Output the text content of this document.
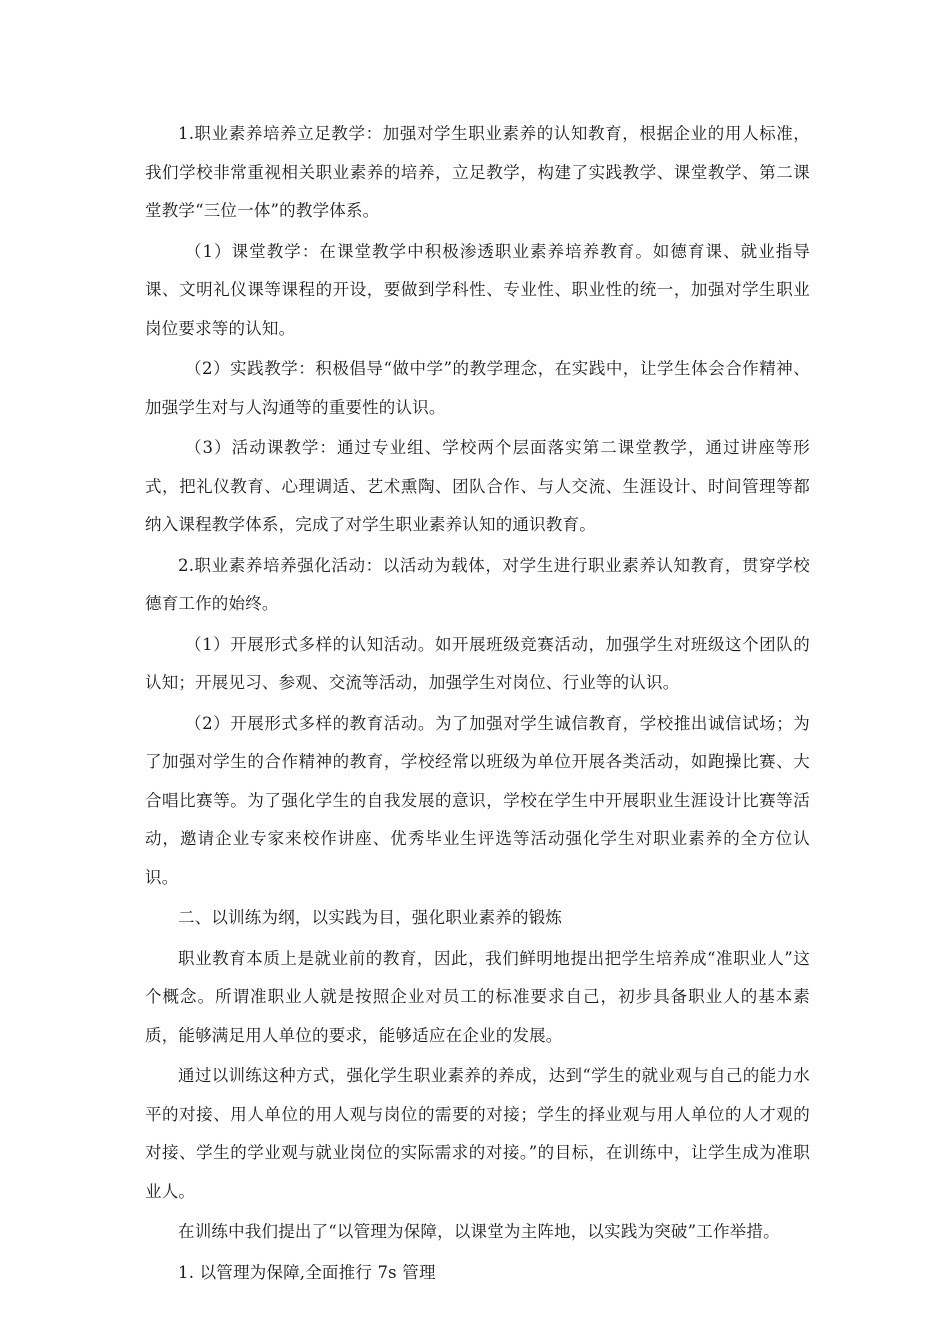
1.职业素养培养立足教学：加强对学生职业素养的认知教育，根据企业的用人标准，我们学校非常重视相关职业素养的培养，立足教学，构建了实践教学、课堂教学、第二课堂教学“三位一体”的教学体系。

（1）课堂教学：在课堂教学中积极渗透职业素养培养教育。如德育课、就业指导课、文明礼仪课等课程的开设，要做到学科性、专业性、职业性的统一，加强对学生职业岗位要求等的认知。

（2）实践教学：积极倡导“做中学”的教学理念，在实践中，让学生体会合作精神、加强学生对与人沟通等的重要性的认识。

（3）活动课教学：通过专业组、学校两个层面落实第二课堂教学，通过讲座等形式，把礼仪教育、心理调适、艺术熏陶、团队合作、与人交流、生涯设计、时间管理等都纳入课程教学体系，完成了对学生职业素养认知的通识教育。

2.职业素养培养强化活动：以活动为载体，对学生进行职业素养认知教育，贯穿学校德育工作的始终。

（1）开展形式多样的认知活动。如开展班级竞赛活动，加强学生对班级这个团队的认知；开展见习、参观、交流等活动，加强学生对岗位、行业等的认识。

（2）开展形式多样的教育活动。为了加强对学生诚信教育，学校推出诚信试场；为了加强对学生的合作精神的教育，学校经常以班级为单位开展各类活动，如跑操比赛、大合唱比赛等。为了强化学生的自我发展的意识，学校在学生中开展职业生涯设计比赛等活动，邀请企业专家来校作讲座、优秀毕业生评选等活动强化学生对职业素养的全方位认识。

二、以训练为纲，以实践为目，强化职业素养的锻炼

职业教育本质上是就业前的教育，因此，我们鲜明地提出把学生培养成“准职业人”这个概念。所谓准职业人就是按照企业对员工的标准要求自己，初步具备职业人的基本素质，能够满足用人单位的要求，能够适应在企业的发展。

通过以训练这种方式，强化学生职业素养的养成，达到“学生的就业观与自己的能力水平的对接、用人单位的用人观与岗位的需要的对接；学生的择业观与用人单位的人才观的对接、学生的学业观与就业岗位的实际需求的对接。”的目标，在训练中，让学生成为准职业人。

在训练中我们提出了“以管理为保障，以课堂为主阵地，以实践为突破”工作举措。

1. 以管理为保障,全面推行 7s 管理
